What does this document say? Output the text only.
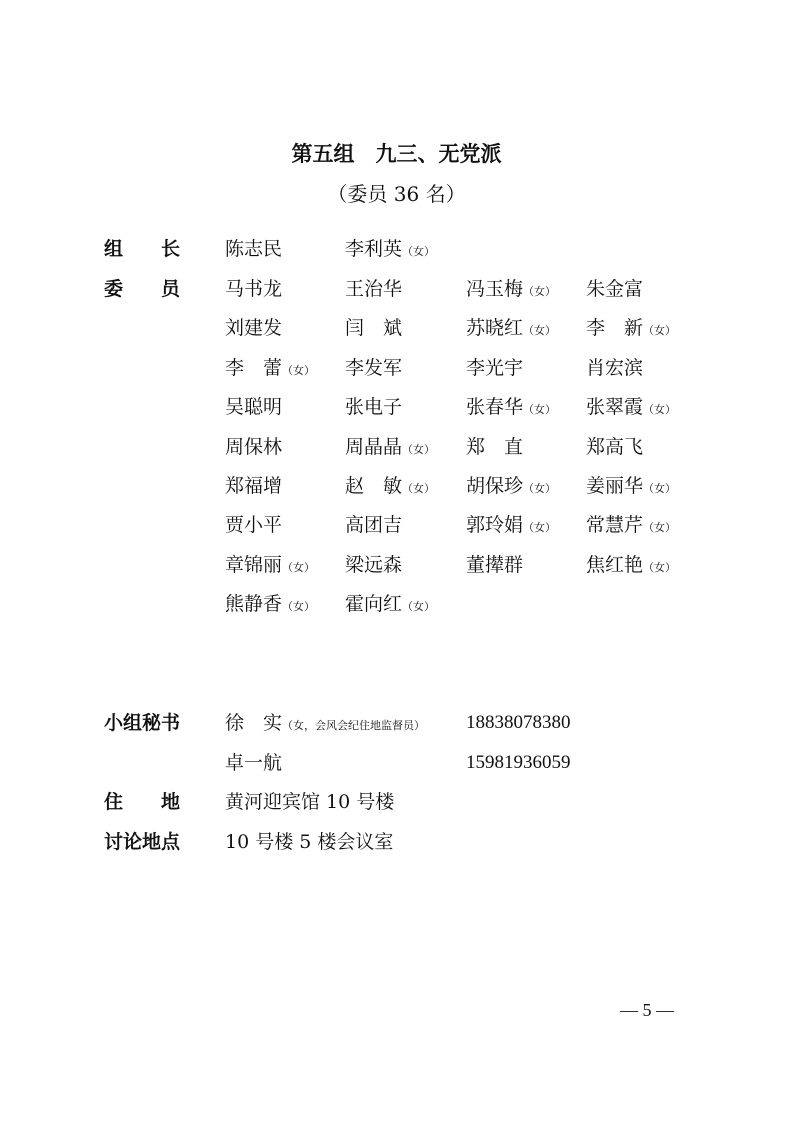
第五组　九三、无党派
（委员 36 名）
组　　长	陈志民	李利英（女）
委　　员	马书龙	王治华	冯玉梅（女） 朱金富
刘建发	闫　斌	苏晓红（女） 李　新（女）
李　蕾（女） 李发军	李光宇	肖宏滨
吴聪明	张电子	张春华（女） 张翠霞（女）
周保林	周晶晶（女） 郑　直	郑高飞
郑福增	赵　敏（女） 胡保珍（女） 姜丽华（女）
贾小平	高团吉	郭玲娟（女） 常慧芹（女）
章锦丽（女） 梁远森	董撵群	焦红艳（女）
熊静香（女） 霍向红（女）
小组秘书	徐　实（女，会风会纪住地监督员） 18838078380
卓一航	15981936059
住　　地	黄河迎宾馆 10 号楼
讨论地点	10 号楼 5 楼会议室
— 5 —
